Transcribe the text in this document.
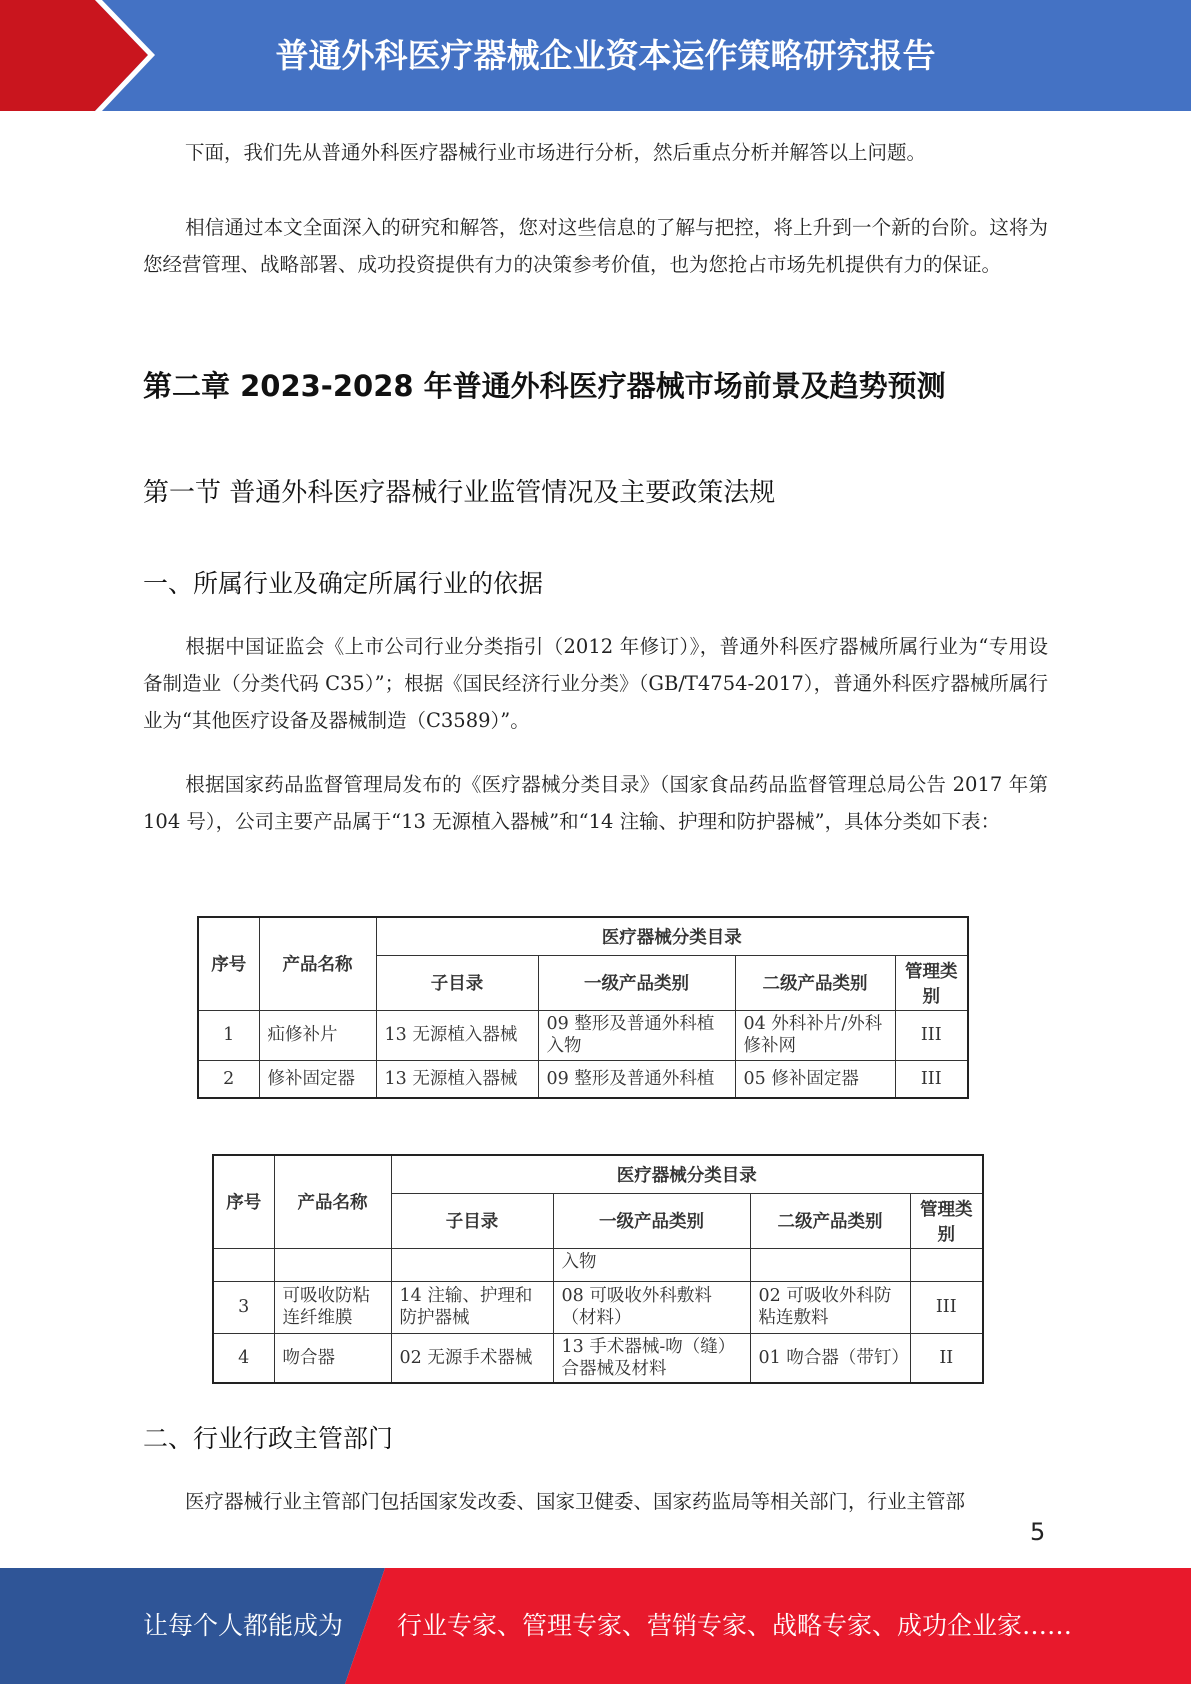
普通外科医疗器械企业资本运作策略研究报告

下面，我们先从普通外科医疗器械行业市场进行分析，然后重点分析并解答以上问题。

相信通过本文全面深入的研究和解答，您对这些信息的了解与把控，将上升到一个新的台阶。这将为您经营管理、战略部署、成功投资提供有力的决策参考价值，也为您抢占市场先机提供有力的保证。

第二章 2023-2028 年普通外科医疗器械市场前景及趋势预测
第一节 普通外科医疗器械行业监管情况及主要政策法规
一、所属行业及确定所属行业的依据

根据中国证监会《上市公司行业分类指引（2012 年修订）》，普通外科医疗器械所属行业为“专用设备制造业（分类代码 C35）”；根据《国民经济行业分类》（GB/T4754-2017），普通外科医疗器械所属行业为“其他医疗设备及器械制造（C3589）”。

根据国家药品监督管理局发布的《医疗器械分类目录》（国家食品药品监督管理总局公告 2017 年第 104 号），公司主要产品属于“13 无源植入器械”和“14 注输、护理和防护器械”，具体分类如下表：

序号	产品名称	医疗器械分类目录			
		子目录	一级产品类别	二级产品类别	管理类别
1	疝修补片	13 无源植入器械	09 整形及普通外科植入物	04 外科补片/外科修补网	III
2	修补固定器	13 无源植入器械	09 整形及普通外科植	05 修补固定器	III
序号	产品名称	医疗器械分类目录			
		子目录	一级产品类别	二级产品类别	管理类别
			入物		
3	可吸收防粘连纤维膜	14 注输、护理和防护器械	08 可吸收外科敷料（材料）	02 可吸收外科防粘连敷料	III
4	吻合器	02 无源手术器械	13 手术器械-吻（缝）合器械及材料	01 吻合器（带钉）	II
二、行业行政主管部门

医疗器械行业主管部门包括国家发改委、国家卫健委、国家药监局等相关部门，行业主管部

5
让每个人都能成为 行业专家、管理专家、营销专家、战略专家、成功企业家……
